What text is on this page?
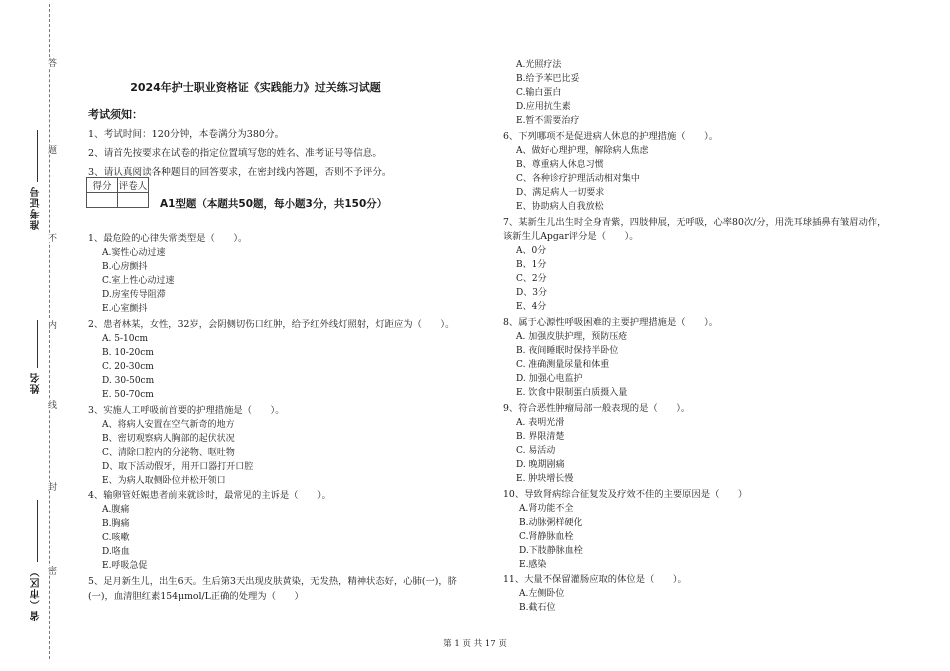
答
题
不
内
线
封
密
准考证号
姓名
省（市区）
2024年护士职业资格证《实践能力》过关练习试题
考试须知：
1、考试时间：120分钟，本卷满分为380分。
2、请首先按要求在试卷的指定位置填写您的姓名、准考证号等信息。
3、请认真阅读各种题目的回答要求，在密封线内答题，否则不予评分。
得分	评卷人

A1型题（本题共50题，每小题3分，共150分）
1、最危险的心律失常类型是（　　）。
A.窦性心动过速
B.心房颤抖
C.室上性心动过速
D.房室传导阻滞
E.心室颤抖
2、患者林某，女性，32岁，会阴侧切伤口红肿，给予红外线灯照射，灯距应为（　　）。
A. 5-10cm
B. 10-20cm
C. 20-30cm
D. 30-50cm
E. 50-70cm
3、实施人工呼吸前首要的护理措施是（　　）。
A、将病人安置在空气新奇的地方
B、密切观察病人胸部的起伏状况
C、清除口腔内的分泌物、呕吐物
D、取下活动假牙，用开口器打开口腔
E、为病人取侧卧位并松开领口
4、输卵管妊娠患者前来就诊时，最常见的主诉是（　　）。
A.腹痛
B.胸痛
C.咳嗽
D.咯血
E.呼吸急促
5、足月新生儿，出生6天。生后第3天出现皮肤黄染，无发热，精神状态好，心肺(一)，脐
(一)，血清胆红素154μmol/L正确的处理为（　　）
A.光照疗法
B.给予苯巴比妥
C.输白蛋白
D.应用抗生素
E.暂不需要治疗
6、下列哪项不是促进病人休息的护理措施（　　）。
A、做好心理护理，解除病人焦虑
B、尊重病人休息习惯
C、各种诊疗护理活动相对集中
D、满足病人一切要求
E、协助病人自我放松
7、某新生儿出生时全身青紫，四肢伸展，无呼吸，心率80次/分，用洗耳球插鼻有皱眉动作，
该新生儿Apgar评分是（　　）。
A、0分
B、1分
C、2分
D、3分
E、4分
8、属于心源性呼吸困难的主要护理措施是（　　）。
A. 加强皮肤护理，预防压疮
B. 夜间睡眠时保持半卧位
C. 准确测量尿量和体重
D. 加强心电监护
E. 饮食中限制蛋白质摄入量
9、符合恶性肿瘤局部一般表现的是（　　）。
A. 表明光滑
B. 界限清楚
C. 易活动
D. 晚期剧痛
E. 肿块增长慢
10、导致肾病综合征复发及疗效不佳的主要原因是（　　）
A.肾功能不全
B.动脉粥样硬化
C.肾静脉血栓
D.下肢静脉血栓
E.感染
11、大量不保留灌肠应取的体位是（　　）。
A.左侧卧位
B.截石位
第 1 页 共 17 页
